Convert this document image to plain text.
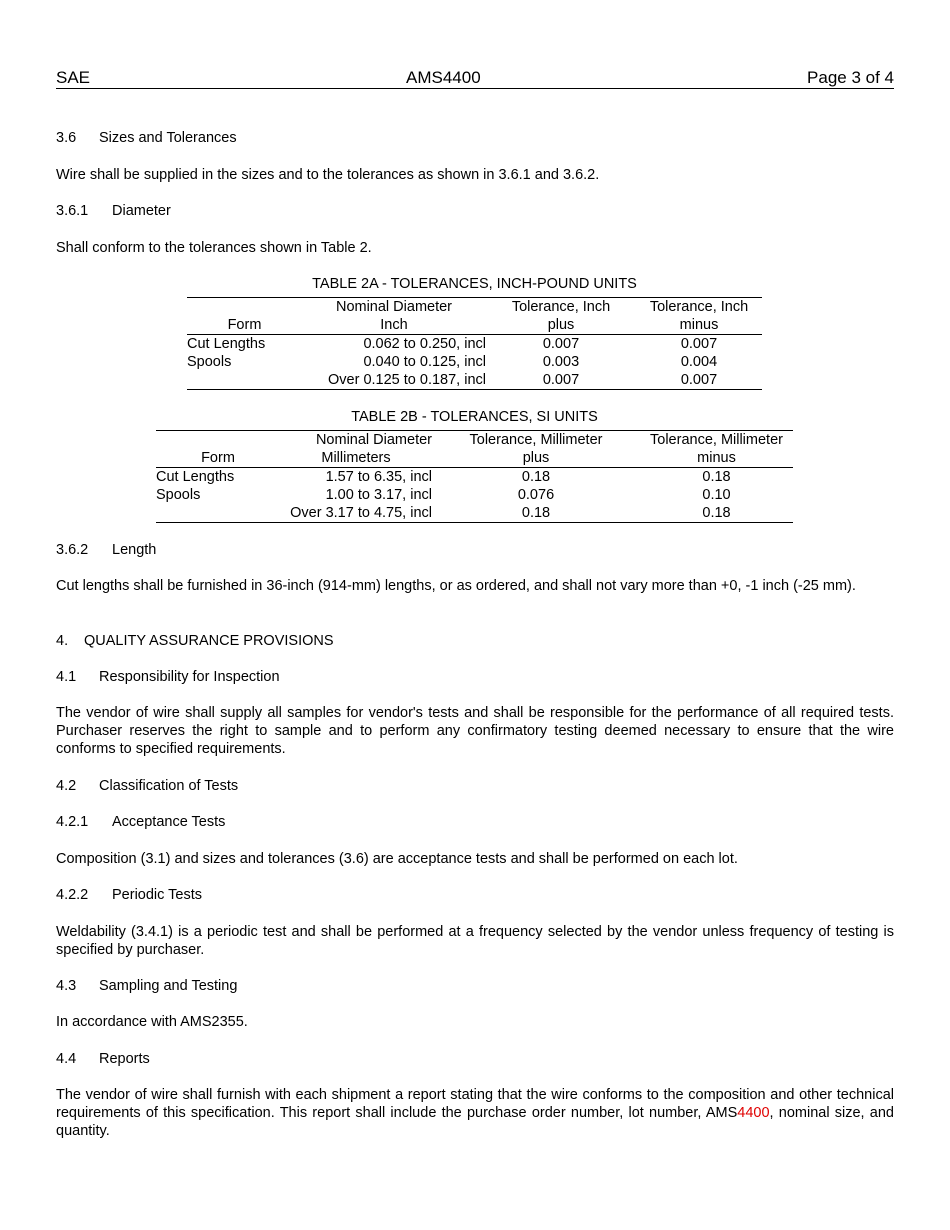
SAE	AMS4400	Page 3 of 4
3.6 Sizes and Tolerances
Wire shall be supplied in the sizes and to the tolerances as shown in 3.6.1 and 3.6.2.
3.6.1 Diameter
Shall conform to the tolerances shown in Table 2.
TABLE 2A - TOLERANCES, INCH-POUND UNITS
	Nominal Diameter	Tolerance, Inch	Tolerance, Inch
Form	Inch	plus	minus
Cut Lengths	0.062 to 0.250, incl	0.007	0.007
Spools	0.040 to 0.125, incl	0.003	0.004
	Over 0.125 to 0.187, incl	0.007	0.007
TABLE 2B - TOLERANCES, SI UNITS
	Nominal Diameter	Tolerance, Millimeter	Tolerance, Millimeter
Form	Millimeters	plus	minus
Cut Lengths	1.57 to 6.35, incl	0.18	0.18
Spools	1.00 to 3.17, incl	0.076	0.10
	Over 3.17 to 4.75, incl	0.18	0.18
3.6.2 Length
Cut lengths shall be furnished in 36-inch (914-mm) lengths, or as ordered, and shall not vary more than +0, -1 inch (-25 mm).
4. QUALITY ASSURANCE PROVISIONS
4.1 Responsibility for Inspection
The vendor of wire shall supply all samples for vendor's tests and shall be responsible for the performance of all required tests. Purchaser reserves the right to sample and to perform any confirmatory testing deemed necessary to ensure that the wire conforms to specified requirements.
4.2 Classification of Tests
4.2.1 Acceptance Tests
Composition (3.1) and sizes and tolerances (3.6) are acceptance tests and shall be performed on each lot.
4.2.2 Periodic Tests
Weldability (3.4.1) is a periodic test and shall be performed at a frequency selected by the vendor unless frequency of testing is specified by purchaser.
4.3 Sampling and Testing
In accordance with AMS2355.
4.4 Reports
The vendor of wire shall furnish with each shipment a report stating that the wire conforms to the composition and other technical requirements of this specification. This report shall include the purchase order number, lot number, AMS4400, nominal size, and quantity.
